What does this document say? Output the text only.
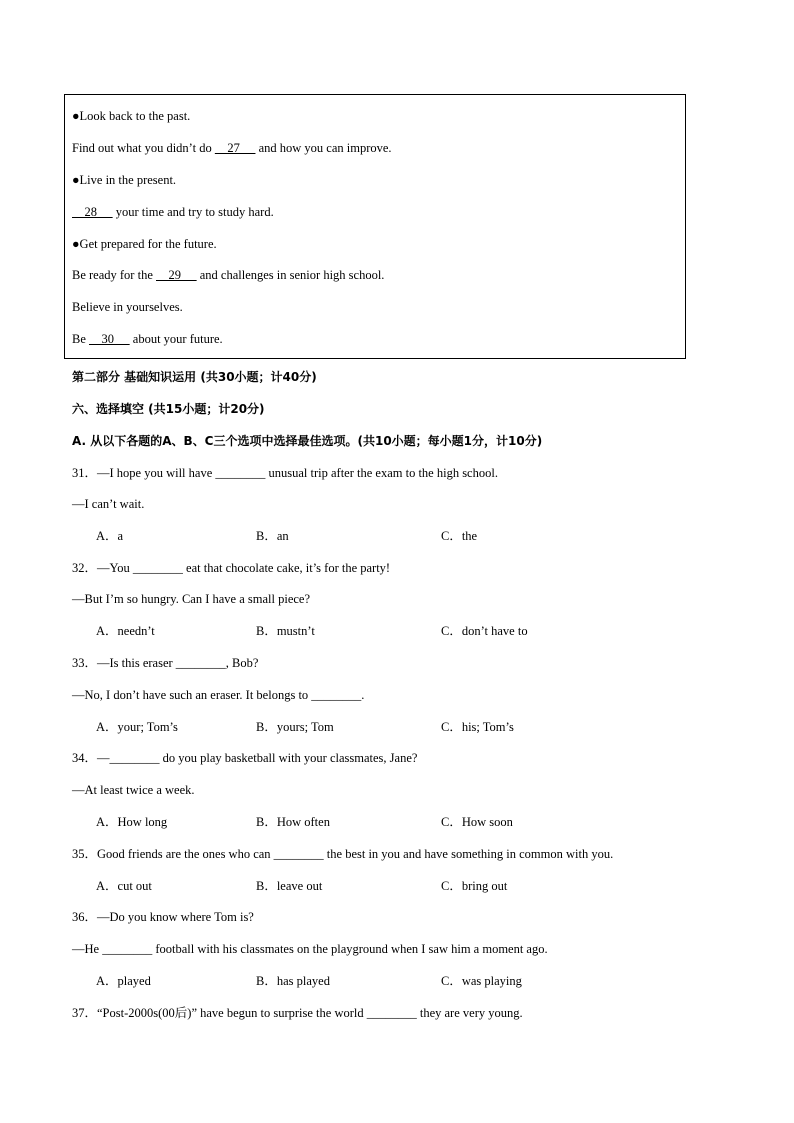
●Look back to the past.
Find out what you didn’t do     27      and how you can improve.
●Live in the present.
28      your time and try to study hard.
●Get prepared for the future.
Be ready for the     29      and challenges in senior high school.
Believe in yourselves.
Be     30      about your future.
第二部分 基础知识运用 (共30小题；计40分)
六、选择填空 (共15小题；计20分)
A. 从以下各题的A、B、C三个选项中选择最佳选项。(共10小题；每小题1分，计10分)
31．—I hope you will have ________ unusual trip after the exam to the high school.
—I can’t wait.
A．a	B．an	C．the
32．—You ________ eat that chocolate cake, it’s for the party!
—But I’m so hungry. Can I have a small piece?
A．needn’t	B．mustn’t	C．don’t have to
33．—Is this eraser ________, Bob?
—No, I don’t have such an eraser. It belongs to ________.
A．your; Tom’s	B．yours; Tom	C．his; Tom’s
34．—________ do you play basketball with your classmates, Jane?
—At least twice a week.
A．How long	B．How often	C．How soon
35．Good friends are the ones who can ________ the best in you and have something in common with you.
A．cut out	B．leave out	C．bring out
36．—Do you know where Tom is?
—He ________ football with his classmates on the playground when I saw him a moment ago.
A．played	B．has played	C．was playing
37．“Post-2000s(00后)” have begun to surprise the world ________ they are very young.
